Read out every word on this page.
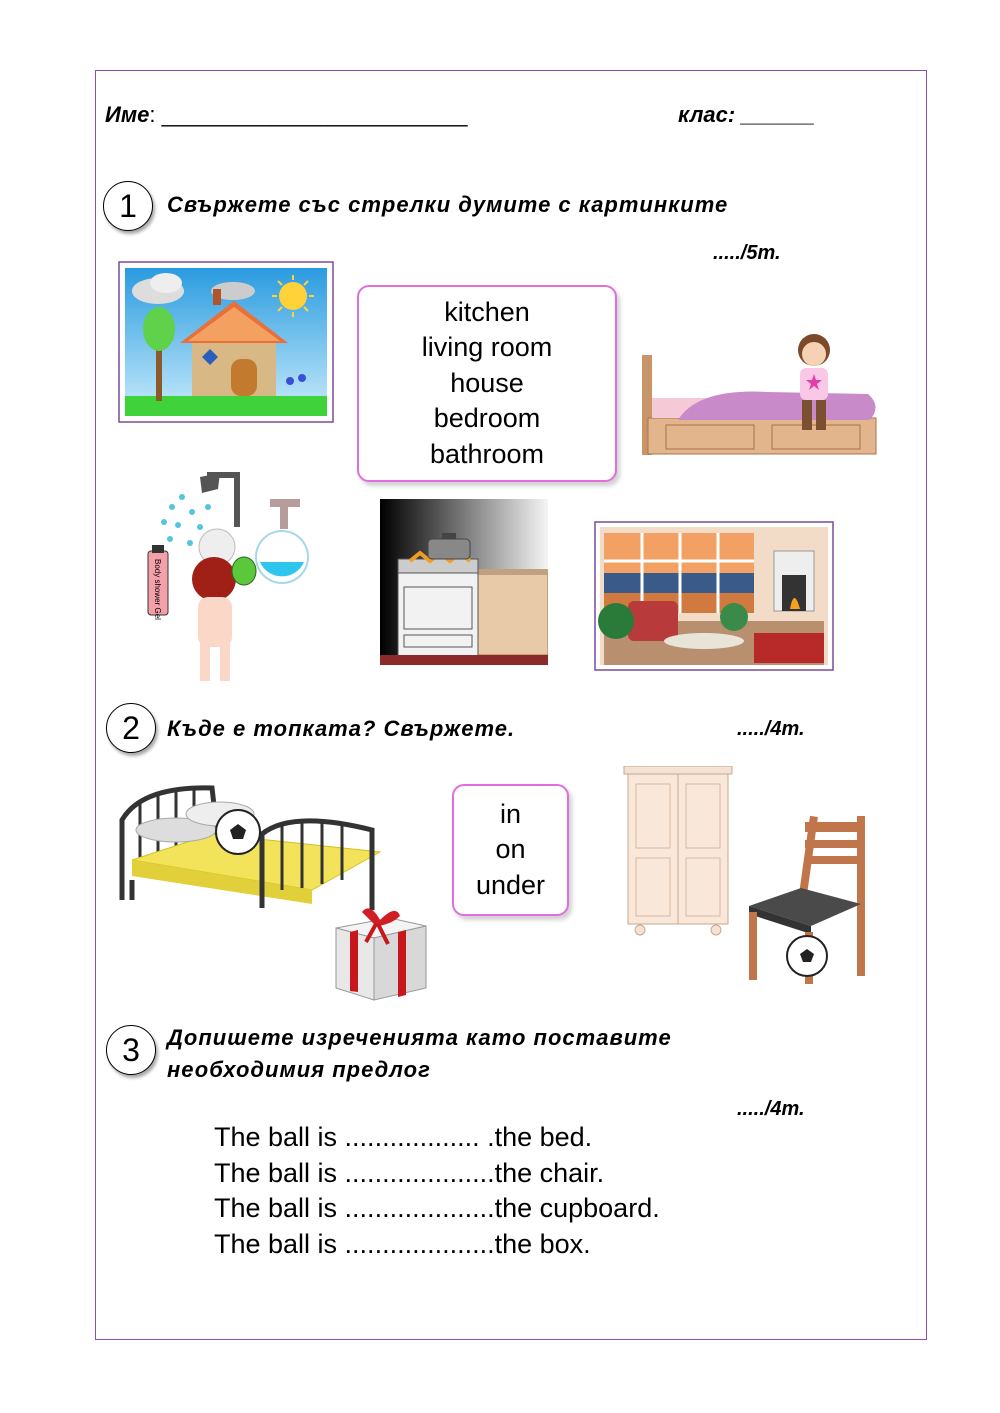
Име: _________________________	клас: ______
1	Свържете със стрелки думите с картинките
...../5т.
kitchen
living room
house
bedroom
bathroom
Body shower Gel
2	Къде е топката? Свържете.	...../4т.
in
on
under
3	Допишете изреченията като поставите
необходимия предлог
...../4т.
The ball is .................. .the bed.
The ball is ....................the chair.
The ball is ....................the cupboard.
The ball is ....................the box.
